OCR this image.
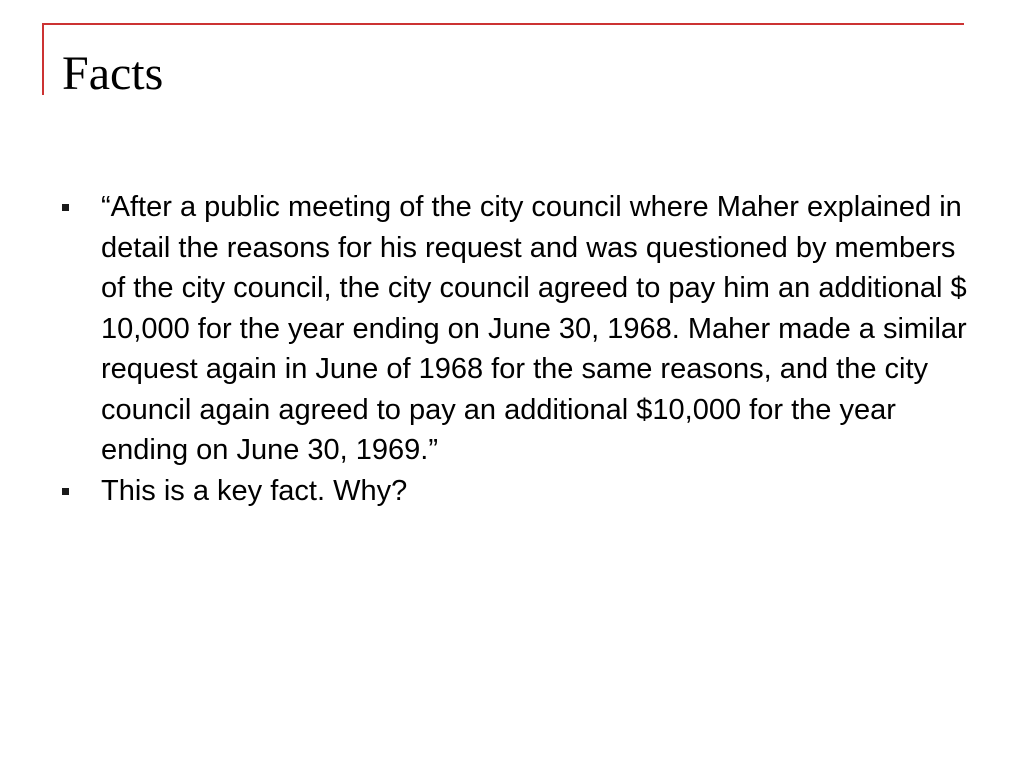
Facts
“After a public meeting of the city council where Maher explained in detail the reasons for his request and was questioned by members of the city council, the city council agreed to pay him an additional $ 10,000 for the year ending on June 30, 1968. Maher made a similar request again in June of 1968 for the same reasons, and the city council again agreed to pay an additional $10,000 for the year ending on June 30, 1969.”
This is a key fact. Why?
